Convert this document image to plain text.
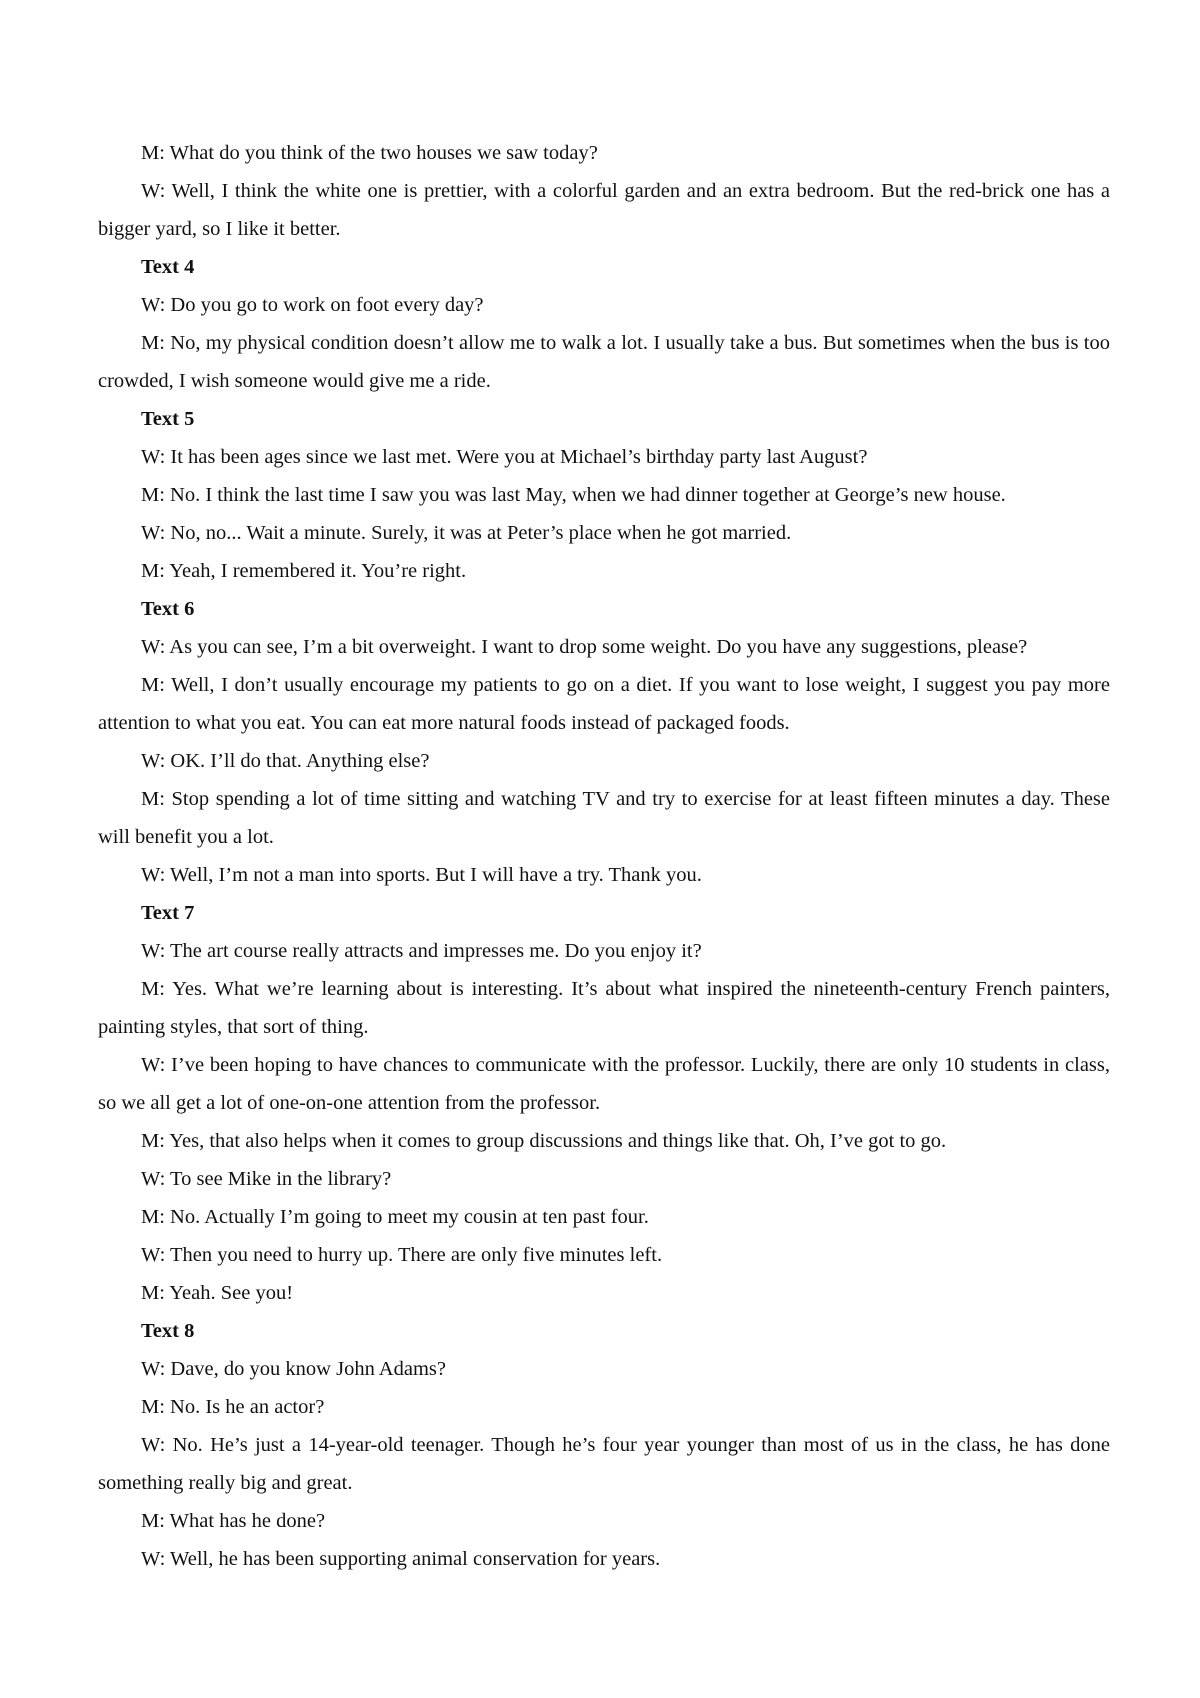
M: What do you think of the two houses we saw today?

W: Well, I think the white one is prettier, with a colorful garden and an extra bedroom. But the red-brick one has a bigger yard, so I like it better.

Text 4

W: Do you go to work on foot every day?

M: No, my physical condition doesn’t allow me to walk a lot. I usually take a bus. But sometimes when the bus is too crowded, I wish someone would give me a ride.

Text 5

W: It has been ages since we last met. Were you at Michael’s birthday party last August?

M: No. I think the last time I saw you was last May, when we had dinner together at George’s new house.

W: No, no... Wait a minute. Surely, it was at Peter’s place when he got married.

M: Yeah, I remembered it. You’re right.

Text 6

W: As you can see, I’m a bit overweight. I want to drop some weight. Do you have any suggestions, please?

M: Well, I don’t usually encourage my patients to go on a diet. If you want to lose weight, I suggest you pay more attention to what you eat. You can eat more natural foods instead of packaged foods.

W: OK. I’ll do that. Anything else?

M: Stop spending a lot of time sitting and watching TV and try to exercise for at least fifteen minutes a day. These will benefit you a lot.

W: Well, I’m not a man into sports. But I will have a try. Thank you.

Text 7

W: The art course really attracts and impresses me. Do you enjoy it?

M: Yes. What we’re learning about is interesting. It’s about what inspired the nineteenth-century French painters, painting styles, that sort of thing.

W: I’ve been hoping to have chances to communicate with the professor. Luckily, there are only 10 students in class, so we all get a lot of one-on-one attention from the professor.

M: Yes, that also helps when it comes to group discussions and things like that. Oh, I’ve got to go.

W: To see Mike in the library?

M: No. Actually I’m going to meet my cousin at ten past four.

W: Then you need to hurry up. There are only five minutes left.

M: Yeah. See you!

Text 8

W: Dave, do you know John Adams?

M: No. Is he an actor?

W: No. He’s just a 14-year-old teenager. Though he’s four year younger than most of us in the class, he has done something really big and great.

M: What has he done?

W: Well, he has been supporting animal conservation for years.
